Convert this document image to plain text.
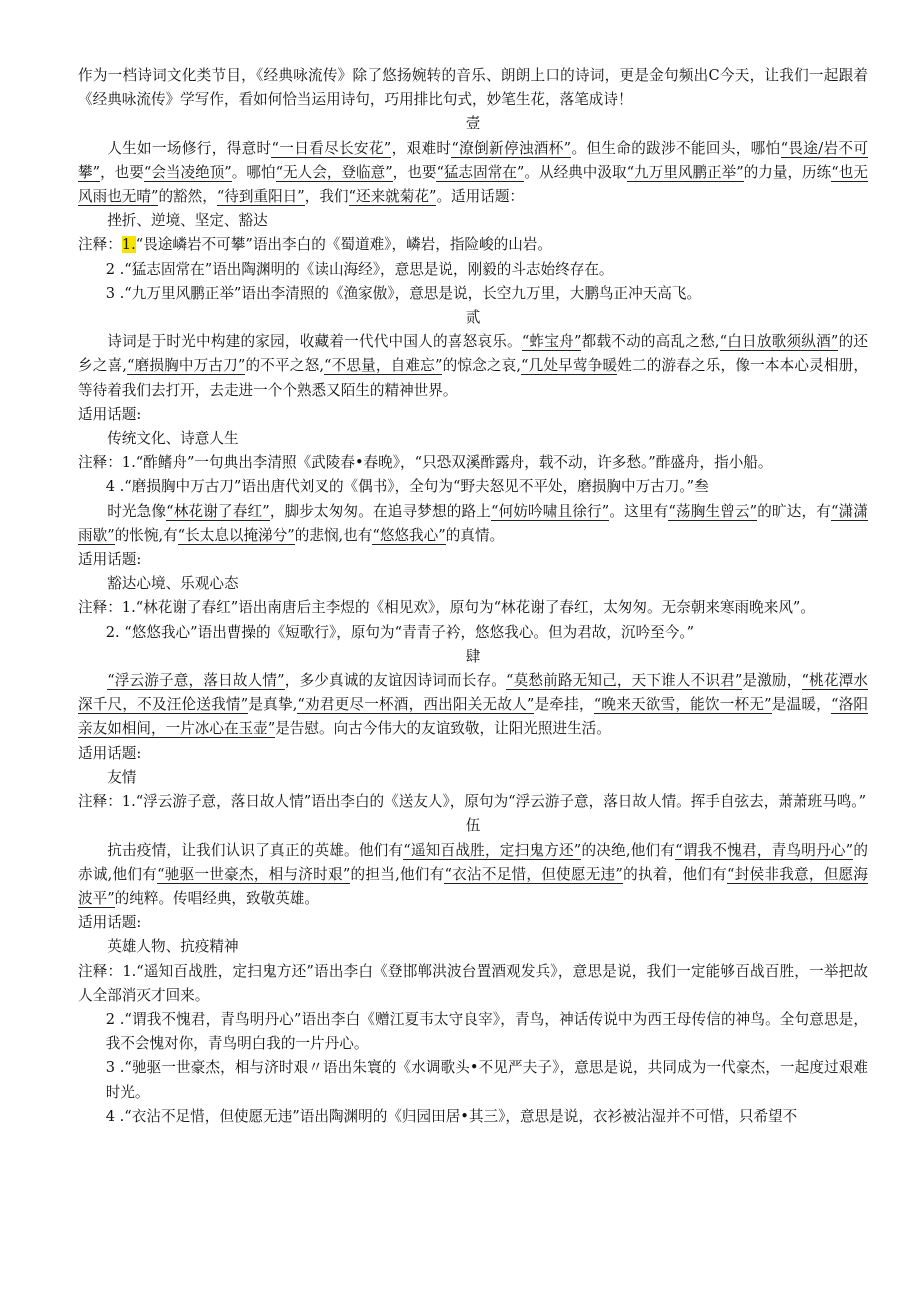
作为一档诗词文化类节目，《经典咏流传》除了悠扬婉转的音乐、朗朗上口的诗词，更是金句频出C今天，让我们一起跟着《经典咏流传》学写作，看如何恰当运用诗句，巧用排比句式，妙笔生花，落笔成诗！

壹

人生如一场修行，得意时“一日看尽长安花”，艰难时“潦倒新停浊酒杯”。但生命的跋涉不能回头，哪怕“畏途/岩不可攀”，也要“会当凌绝顶”。哪怕“无人会，登临意”，也要“猛志固常在”。从经典中汲取“九万里风鹏正举”的力量，历练“也无风雨也无晴”的豁然，“待到重阳日”，我们“还来就菊花”。适用话题：

挫折、逆境、坚定、豁达

注释：1.“畏途嶙岩不可攀”语出李白的《蜀道难》，嶙岩，指险峻的山岩。

2 .“猛志固常在”语出陶渊明的《读山海经》，意思是说，刚毅的斗志始终存在。

3 .“九万里风鹏正举”语出李清照的《渔家傲》，意思是说，长空九万里，大鹏鸟正冲天高飞。

贰

诗词是于时光中构建的家园，收藏着一代代中国人的喜怒哀乐。“蚱宝舟”都载不动的高乱之愁,“白日放歌须纵酒”的还乡之喜,“磨损胸中万古刀”的不平之怒,“不思量，自难忘”的惊念之哀,“几处早莺争暖姓二的游春之乐，像一本本心灵相册，等待着我们去打开，去走进一个个熟悉又陌生的精神世界。

适用话题:

传统文化、诗意人生

注释：1.“酢鳍舟”一句典出李清照《武陵春•春晚》，“只恐双溪酢露舟，载不动，许多愁。”酢盛舟，指小船。

4 .“磨损胸中万古刀”语出唐代刘叉的《偶书》，全句为“野夫怒见不平处，磨损胸中万古刀。”叁

时光急像“林花谢了春红”，脚步太匆匆。在追寻梦想的路上“何妨吟啸且徐行”。这里有“荡胸生曾云”的旷达，有“潇潇雨歇”的怅惋,有“长太息以掩涕兮”的悲悯,也有“悠悠我心”的真情。

适用话题:

豁达心境、乐观心态

注释：1.“林花谢了春红”语出南唐后主李煜的《相见欢》，原句为“林花谢了春红，太匆匆。无奈朝来寒雨晚来风”。

2. “悠悠我心”语出曹操的《短歌行》，原句为“青青子衿，悠悠我心。但为君故，沉吟至今。”

肆

“浮云游子意，落日故人情”，多少真诚的友谊因诗词而长存。“莫愁前路无知己，天下谁人不识君”是激励，“桃花潭水深千尺，不及汪伦送我情”是真挚,“劝君更尽一杯酒，西出阳关无故人”是牵挂，“晚来天欲雪，能饮一杯无”是温暖，“洛阳亲友如相间，一片冰心在玉壶”是告慰。向古今伟大的友谊致敬，让阳光照进生活。

适用话题:

友情

注释：1.“浮云游子意，落日故人情”语出李白的《送友人》，原句为“浮云游子意，落日故人情。挥手自弦去，萧萧班马鸣。”

伍

抗击疫情，让我们认识了真正的英雄。他们有“遥知百战胜，定扫鬼方还”的决绝,他们有“谓我不愧君，青鸟明丹心”的赤诚,他们有“驰驱一世豪杰，相与济时艰”的担当,他们有“衣沾不足惜，但使愿无违”的执着，他们有“封侯非我意，但愿海波平”的纯粹。传唱经典，致敬英雄。

适用话题:

英雄人物、抗疫精神

注释：1.“遥知百战胜，定扫鬼方还”语出李白《登邯郸洪波台置酒观发兵》，意思是说，我们一定能够百战百胜，一举把故人全部消灭才回来。

2 .“谓我不愧君，青鸟明丹心”语出李白《赠江夏韦太守良宰》，青鸟，神话传说中为西王母传信的神鸟。全句意思是，我不会愧对你，青鸟明白我的一片丹心。

3 .“驰驱一世豪杰，相与济时艰〃语出朱寰的《水调歌头•不见严夫子》，意思是说，共同成为一代豪杰，一起度过艰难时光。

4 .“衣沾不足惜，但使愿无违”语出陶渊明的《归园田居•其三》，意思是说，衣衫被沾湿并不可惜，只希望不
